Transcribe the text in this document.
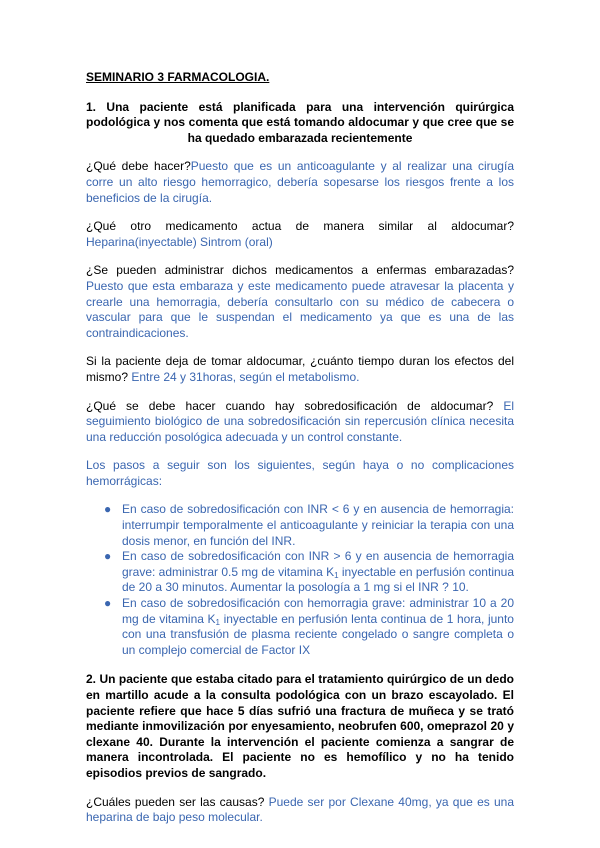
SEMINARIO 3 FARMACOLOGIA.

1. Una paciente está planificada para una intervención quirúrgica podológica y nos comenta que está tomando aldocumar y que cree que se ha quedado embarazada recientemente

¿Qué debe hacer?Puesto que es un anticoagulante y al realizar una cirugía corre un alto riesgo hemorragico, debería sopesarse los riesgos frente a los beneficios de la cirugía.

¿Qué otro medicamento actua de manera similar al aldocumar? Heparina(inyectable) Sintrom (oral)

¿Se pueden administrar dichos medicamentos a enfermas embarazadas? Puesto que esta embaraza y este medicamento puede atravesar la placenta y crearle una hemorragia, debería consultarlo con su médico de cabecera o vascular para que le suspendan el medicamento ya que es una de las contraindicaciones.

Si la paciente deja de tomar aldocumar, ¿cuánto tiempo duran los efectos del mismo? Entre 24 y 31horas, según el metabolismo.

¿Qué se debe hacer cuando hay sobredosificación de aldocumar? El seguimiento biológico de una sobredosificación sin repercusión clínica necesita una reducción posológica adecuada y un control constante.

Los pasos a seguir son los siguientes, según haya o no complicaciones hemorrágicas:

● En caso de sobredosificación con INR < 6 y en ausencia de hemorragia: interrumpir temporalmente el anticoagulante y reiniciar la terapia con una dosis menor, en función del INR.
● En caso de sobredosificación con INR > 6 y en ausencia de hemorragia grave: administrar 0.5 mg de vitamina $K_1$ inyectable en perfusión continua de 20 a 30 minutos. Aumentar la posología a 1 mg si el INR ? 10.
● En caso de sobredosificación con hemorragia grave: administrar 10 a 20 mg de vitamina $K_1$ inyectable en perfusión lenta continua de 1 hora, junto con una transfusión de plasma reciente congelado o sangre completa o un complejo comercial de Factor IX

2. Un paciente que estaba citado para el tratamiento quirúrgico de un dedo en martillo acude a la consulta podológica con un brazo escayolado. El paciente refiere que hace 5 días sufrió una fractura de muñeca y se trató mediante inmovilización por enyesamiento, neobrufen 600, omeprazol 20 y clexane 40. Durante la intervención el paciente comienza a sangrar de manera incontrolada. El paciente no es hemofílico y no ha tenido episodios previos de sangrado.

¿Cuáles pueden ser las causas? Puede ser por Clexane 40mg, ya que es una heparina de bajo peso molecular.
